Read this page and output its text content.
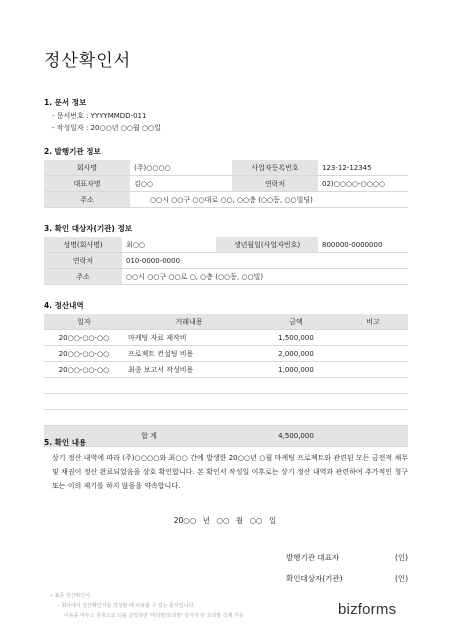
정산확인서
1. 문서 정보
- 문서번호 : YYYYMMDD-011
- 작성일자 : 20○○년 ○○월 ○○일
2. 발행기관 정보
회사명	(주)○○○○	사업자등록번호	123-12-12345
대표자명	김○○	연락처	02)○○○○-○○○○
주소	○○시 ○○구 ○○대로 ○○, ○○층 (○○동, ○○빌딩)		
3. 확인 대상자(기관) 정보
성명(회사명)	최○○	생년월일(사업자번호)	800000-0000000
연락처	010-0000-0000		
주소	○○시 ○○구 ○○로 ○, ○층 (○○동, ○○빌)		
4. 정산내역
일자	거래내용	금액	비고
20○○-○○-○○	마케팅 자료 제작비	1,500,000	
20○○-○○-○○	프로젝트 컨설팅 비용	2,000,000	
20○○-○○-○○	최종 보고서 작성비용	1,000,000	

합 계		4,500,000	
5. 확인 내용
상기 정산 내역에 따라 (주)○○○○와 최○○ 간에 발생한 20○○년 ○월 마케팅 프로젝트와 관련된 모든 금전적 채무 및 채권이 정산 완료되었음을 상호 확인합니다. 본 확인서 작성일 이후로는 상기 정산 내역과 관련하여 추가적인 청구 또는 이의 제기를 하지 않을을 약속합니다.
20○○ 년 ○○ 월 ○○ 일
발행기관 대표자	(인)
확인대상자(기관)	(인)
• 표준 정산확인서
- 회사에서 정산확인서를 작성할 때 사용할 수 있는 문서입니다.
이용을 마우스 원쪽으로 더블 클릭하면 '머리말/꼬리말' 상자가 만 꼬리말 삭제 가능	bizforms
